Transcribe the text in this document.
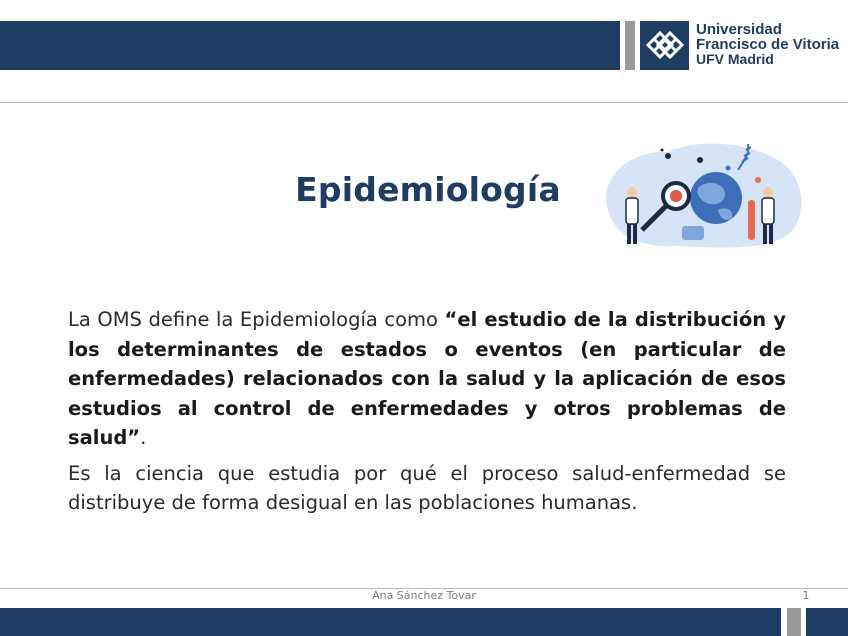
Universidad
Francisco de Vitoria
UFV Madrid
Epidemiología

La OMS define la Epidemiología como “el estudio de la distribución y los determinantes de estados o eventos (en particular de enfermedades) relacionados con la salud y la aplicación de esos estudios al control de enfermedades y otros problemas de salud”.

Es la ciencia que estudia por qué el proceso salud-enfermedad se distribuye de forma desigual en las poblaciones humanas.

Ana Sánchez Tovar	1
